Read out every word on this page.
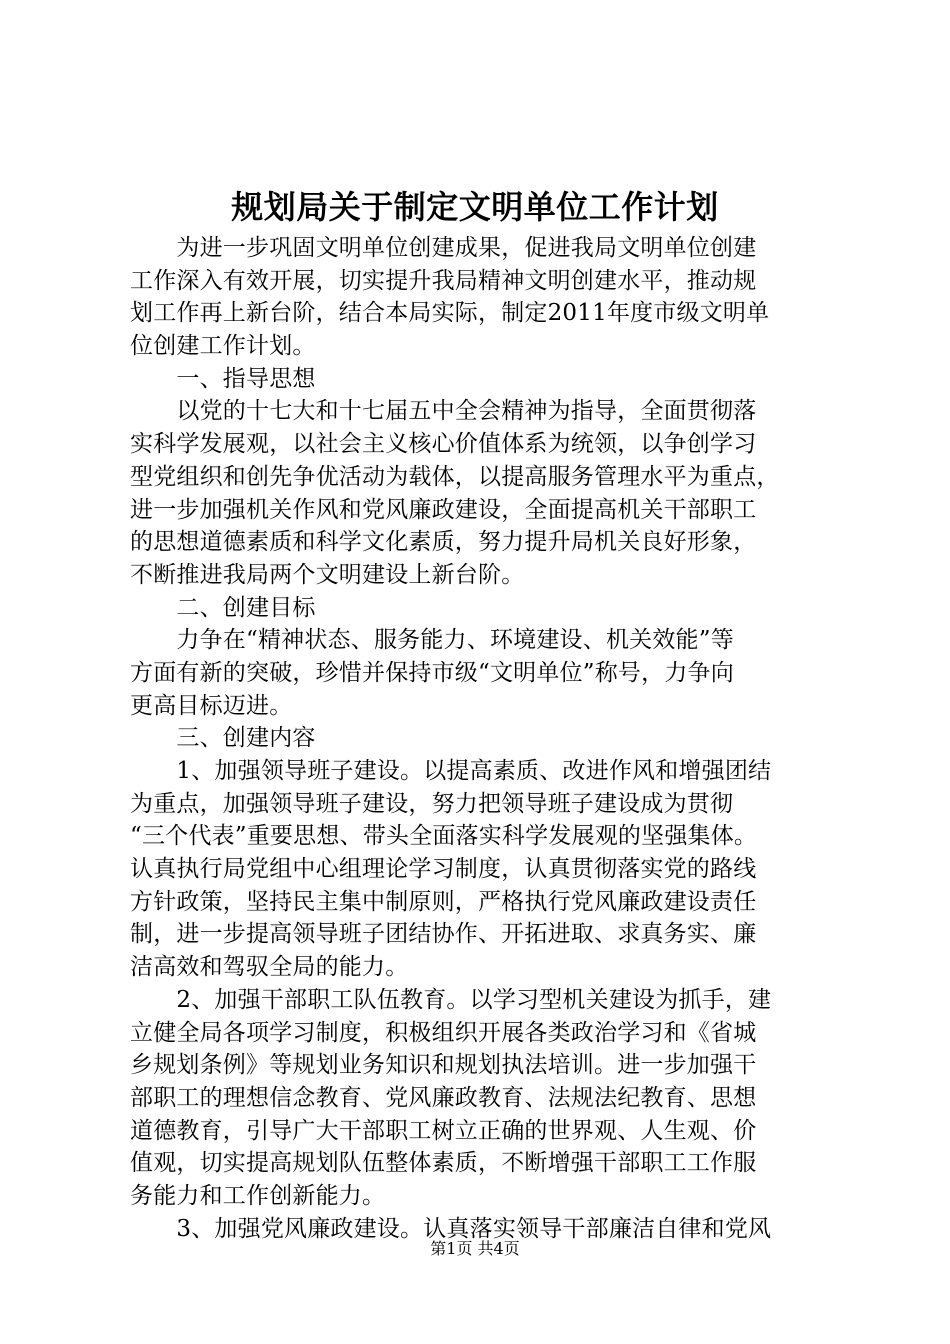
规划局关于制定文明单位工作计划
　　为进一步巩固文明单位创建成果，促进我局文明单位创建
工作深入有效开展，切实提升我局精神文明创建水平，推动规
划工作再上新台阶，结合本局实际，制定2011年度市级文明单
位创建工作计划。
　　一、指导思想
　　以党的十七大和十七届五中全会精神为指导，全面贯彻落
实科学发展观，以社会主义核心价值体系为统领，以争创学习
型党组织和创先争优活动为载体，以提高服务管理水平为重点，
进一步加强机关作风和党风廉政建设，全面提高机关干部职工
的思想道德素质和科学文化素质，努力提升局机关良好形象，
不断推进我局两个文明建设上新台阶。
　　二、创建目标
　　力争在“精神状态、服务能力、环境建设、机关效能”等
方面有新的突破，珍惜并保持市级“文明单位”称号，力争向
更高目标迈进。
　　三、创建内容
　　1、加强领导班子建设。以提高素质、改进作风和增强团结
为重点，加强领导班子建设，努力把领导班子建设成为贯彻
“三个代表”重要思想、带头全面落实科学发展观的坚强集体。
认真执行局党组中心组理论学习制度，认真贯彻落实党的路线
方针政策，坚持民主集中制原则，严格执行党风廉政建设责任
制，进一步提高领导班子团结协作、开拓进取、求真务实、廉
洁高效和驾驭全局的能力。
　　2、加强干部职工队伍教育。以学习型机关建设为抓手，建
立健全局各项学习制度，积极组织开展各类政治学习和《省城
乡规划条例》等规划业务知识和规划执法培训。进一步加强干
部职工的理想信念教育、党风廉政教育、法规法纪教育、思想
道德教育，引导广大干部职工树立正确的世界观、人生观、价
值观，切实提高规划队伍整体素质，不断增强干部职工工作服
务能力和工作创新能力。
　　3、加强党风廉政建设。认真落实领导干部廉洁自律和党风
第1页 共4页
